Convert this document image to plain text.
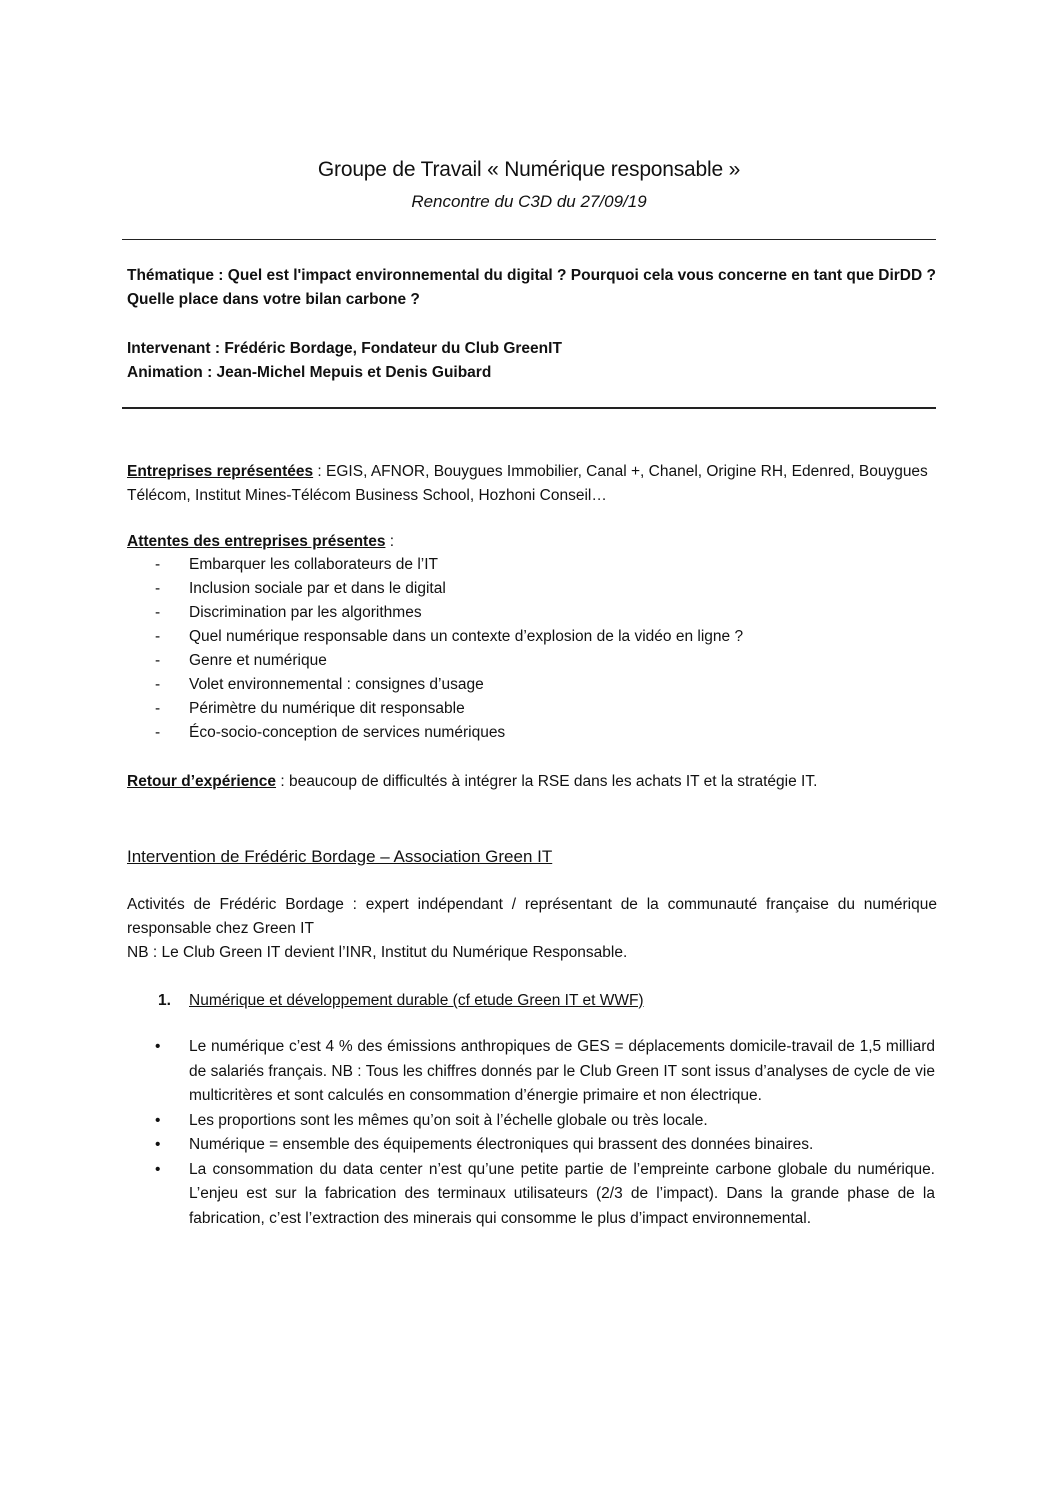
Groupe de Travail « Numérique responsable »
Rencontre du C3D du 27/09/19
Thématique : Quel est l'impact environnemental du digital ? Pourquoi cela vous concerne en tant que DirDD ? Quelle place dans votre bilan carbone ?
Intervenant : Frédéric Bordage, Fondateur du Club GreenIT
Animation : Jean-Michel Mepuis et Denis Guibard
Entreprises représentées : EGIS, AFNOR, Bouygues Immobilier, Canal +, Chanel, Origine RH, Edenred, Bouygues Télécom, Institut Mines-Télécom Business School, Hozhoni Conseil…
Attentes des entreprises présentes :
- Embarquer les collaborateurs de l’IT
- Inclusion sociale par et dans le digital
- Discrimination par les algorithmes
- Quel numérique responsable dans un contexte d’explosion de la vidéo en ligne ?
- Genre et numérique
- Volet environnemental : consignes d’usage
- Périmètre du numérique dit responsable
- Éco-socio-conception de services numériques
Retour d’expérience : beaucoup de difficultés à intégrer la RSE dans les achats IT et la stratégie IT.
Intervention de Frédéric Bordage – Association Green IT
Activités de Frédéric Bordage : expert indépendant / représentant de la communauté française du numérique responsable chez Green IT
NB : Le Club Green IT devient l’INR, Institut du Numérique Responsable.
1. Numérique et développement durable (cf etude Green IT et WWF)
• Le numérique c’est 4 % des émissions anthropiques de GES = déplacements domicile-travail de 1,5 milliard de salariés français. NB : Tous les chiffres donnés par le Club Green IT sont issus d’analyses de cycle de vie multicritères et sont calculés en consommation d’énergie primaire et non électrique.
• Les proportions sont les mêmes qu’on soit à l’échelle globale ou très locale.
• Numérique = ensemble des équipements électroniques qui brassent des données binaires.
• La consommation du data center n’est qu’une petite partie de l’empreinte carbone globale du numérique. L’enjeu est sur la fabrication des terminaux utilisateurs (2/3 de l’impact). Dans la grande phase de la fabrication, c’est l’extraction des minerais qui consomme le plus d’impact environnemental.
